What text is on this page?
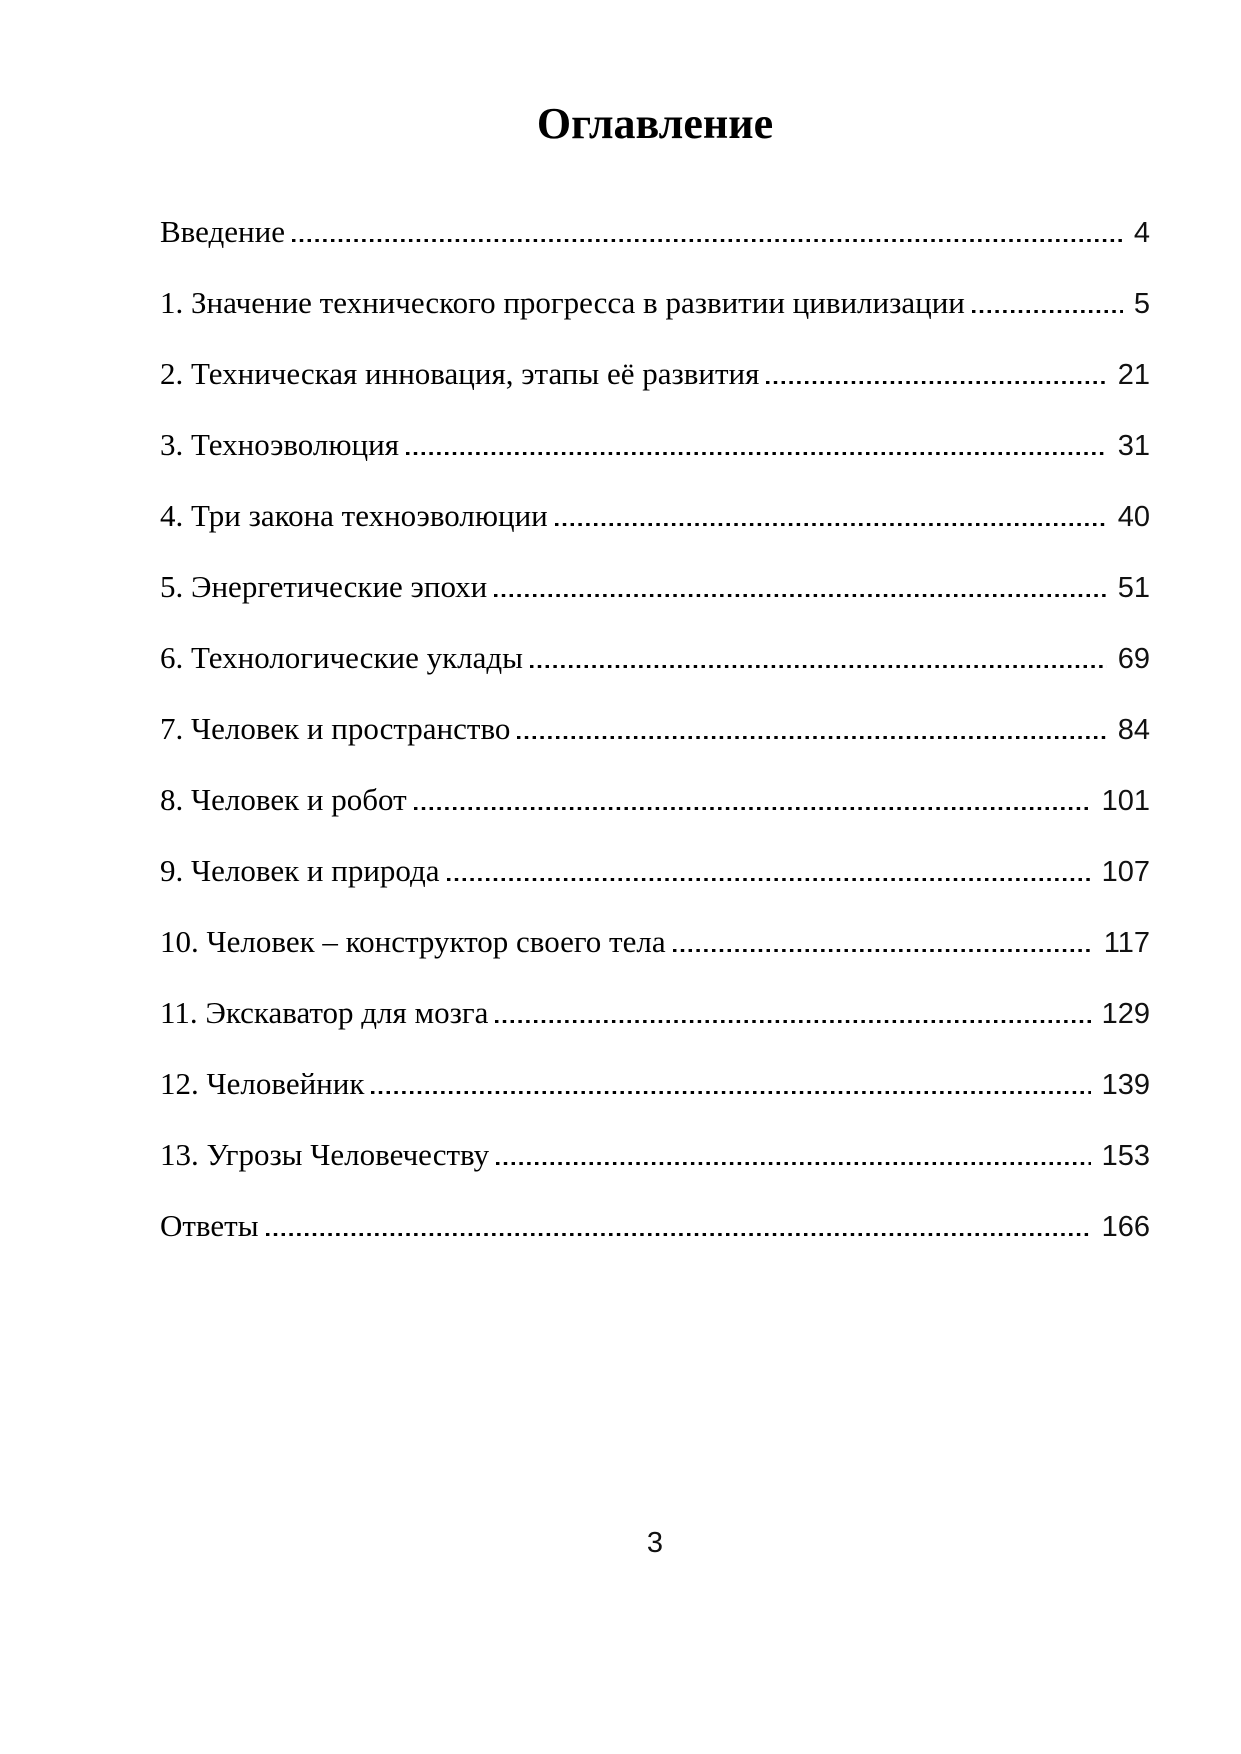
Оглавление
Введение	4
1. Значение технического прогресса в развитии цивилизации	5
2. Техническая инновация, этапы её развития	21
3. Техноэволюция	31
4. Три закона техноэволюции	40
5. Энергетические эпохи	51
6. Технологические уклады	69
7. Человек и пространство	84
8. Человек и робот	101
9. Человек и природа	107
10. Человек – конструктор своего тела	117
11. Экскаватор для мозга	129
12. Человейник	139
13. Угрозы Человечеству	153
Ответы	166
3
